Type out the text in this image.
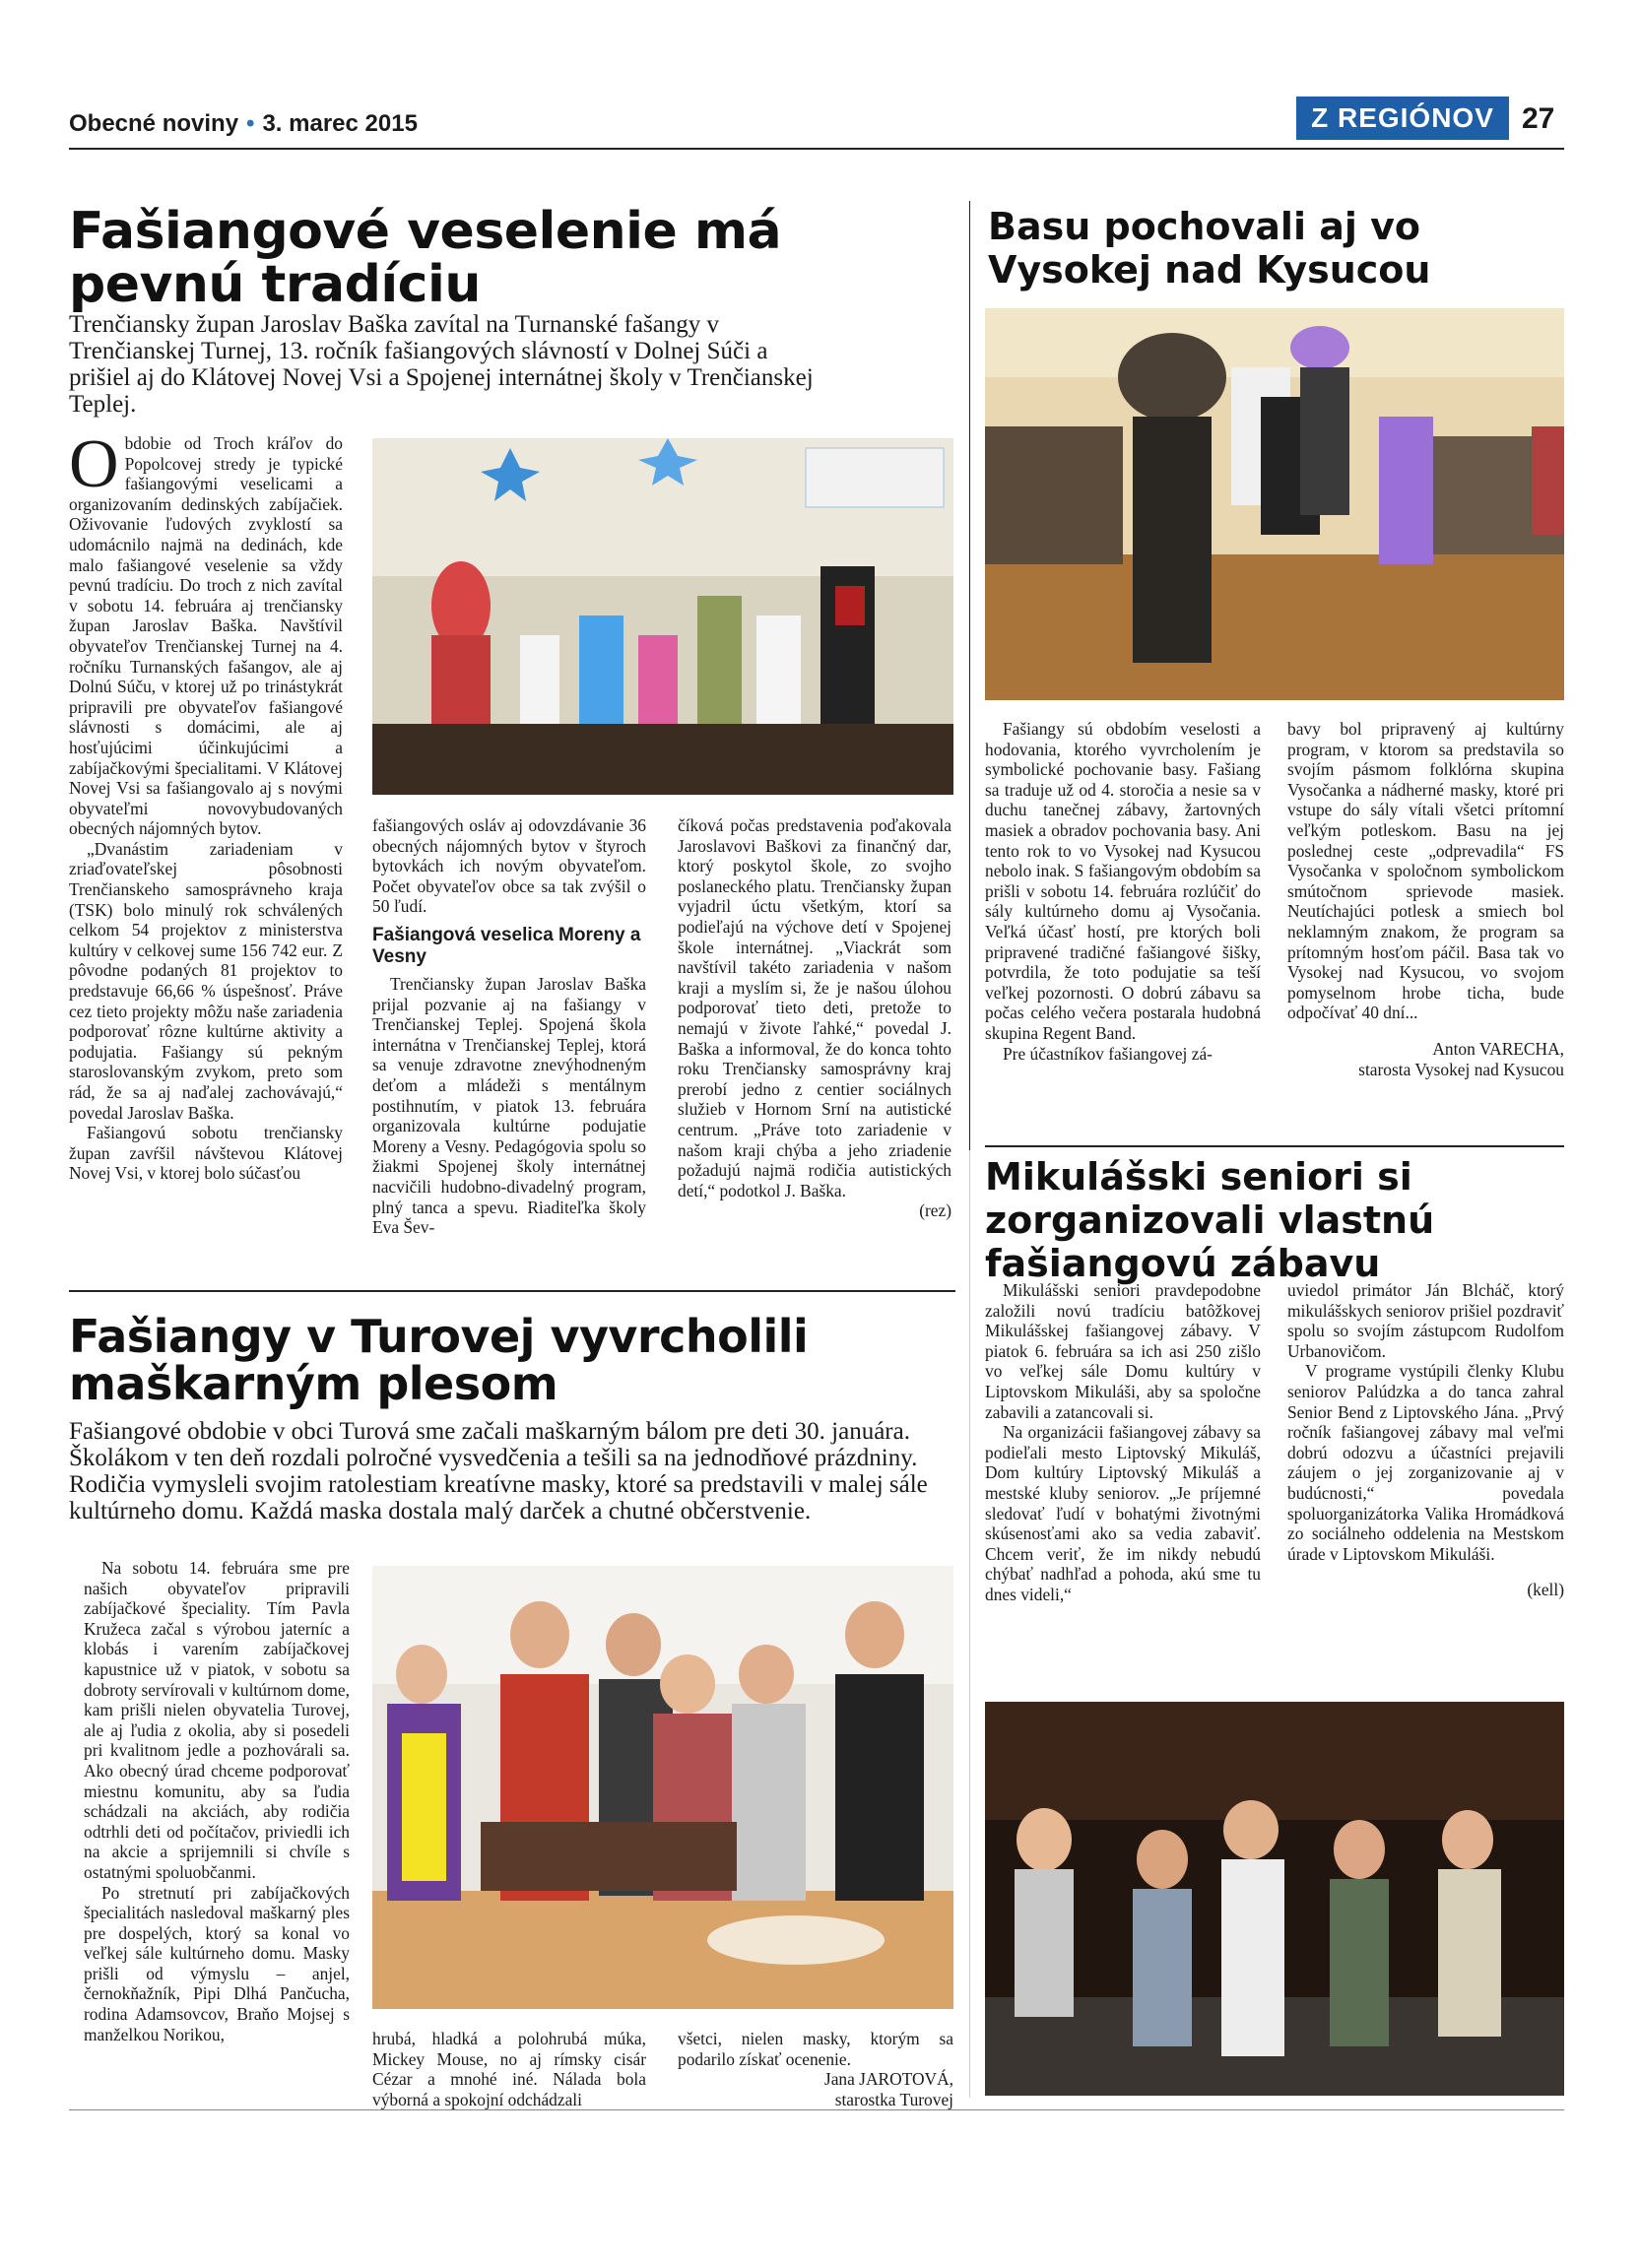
Obecné noviny • 3. marec 2015	Z REGIÓNOV 27
Fašiangové veselenie má pevnú tradíciu
Trenčiansky župan Jaroslav Baška zavítal na Turnanské fašangy v Trenčianskej Turnej, 13. ročník fašiangových slávností v Dolnej Súči a prišiel aj do Klátovej Novej Vsi a Spojenej internátnej školy v Trenčianskej Teplej.

Obdobie od Troch kráľov do Popolcovej stredy je typické fašiangovými veselicami a organizovaním dedinských zabíjačiek. Oživovanie ľudových zvyklostí sa udomácnilo najmä na dedinách, kde malo fašiangové veselenie sa vždy pevnú tradíciu. Do troch z nich zavítal v sobotu 14. februára aj trenčiansky župan Jaroslav Baška. Navštívil obyvateľov Trenčianskej Turnej na 4. ročníku Turnanských fašangov, ale aj Dolnú Súču, v ktorej už po trinástykrát pripravili pre obyvateľov fašiangové slávnosti s domácimi, ale aj hosťujúcimi účinkujúcimi a zabíjačkovými špecialitami. V Klátovej Novej Vsi sa fašiangovalo aj s novými obyvateľmi novovybudovaných obecných nájomných bytov.

„Dvanástim zariadeniam v zriaďovateľskej pôsobnosti Trenčianskeho samosprávneho kraja (TSK) bolo minulý rok schválených celkom 54 projektov z ministerstva kultúry v celkovej sume 156 742 eur. Z pôvodne podaných 81 projektov to predstavuje 66,66 % úspešnosť. Práve cez tieto projekty môžu naše zariadenia podporovať rôzne kultúrne aktivity a podujatia. Fašiangy sú pekným staroslovanským zvykom, preto som rád, že sa aj naďalej zachovávajú,“ povedal Jaroslav Baška.

Fašiangovú sobotu trenčiansky župan zavŕšil návštevou Klátovej Novej Vsi, v ktorej bolo súčasťou

fašiangových osláv aj odovzdávanie 36 obecných nájomných bytov v štyroch bytovkách ich novým obyvateľom. Počet obyvateľov obce sa tak zvýšil o 50 ľudí.

Fašiangová veselica Moreny a Vesny

Trenčiansky župan Jaroslav Baška prijal pozvanie aj na fašiangy v Trenčianskej Teplej. Spojená škola internátna v Trenčianskej Teplej, ktorá sa venuje zdravotne znevýhodneným deťom a mládeži s mentálnym postihnutím, v piatok 13. februára organizovala kultúrne podujatie Moreny a Vesny. Pedagógovia spolu so žiakmi Spojenej školy internátnej nacvičili hudobno-divadelný program, plný tanca a spevu. Riaditeľka školy Eva Šev-

číková počas predstavenia poďakovala Jaroslavovi Baškovi za finančný dar, ktorý poskytol škole, zo svojho poslaneckého platu. Trenčiansky župan vyjadril úctu všetkým, ktorí sa podieľajú na výchove detí v Spojenej škole internátnej. „Viackrát som navštívil takéto zariadenia v našom kraji a myslím si, že je našou úlohou podporovať tieto deti, pretože to nemajú v živote ľahké,“ povedal J. Baška a informoval, že do konca tohto roku Trenčiansky samosprávny kraj prerobí jedno z centier sociálnych služieb v Hornom Srní na autistické centrum. „Práve toto zariadenie v našom kraji chýba a jeho zriadenie požadujú najmä rodičia autistických detí,“ podotkol J. Baška.

(rez)

Basu pochovali aj vo Vysokej nad Kysucou

Fašiangy sú obdobím veselosti a hodovania, ktorého vyvrcholením je symbolické pochovanie basy. Fašiang sa traduje už od 4. storočia a nesie sa v duchu tanečnej zábavy, žartovných masiek a obradov pochovania basy. Ani tento rok to vo Vysokej nad Kysucou nebolo inak. S fašiangovým obdobím sa prišli v sobotu 14. februára rozlúčiť do sály kultúrneho domu aj Vysočania. Veľká účasť hostí, pre ktorých boli pripravené tradičné fašiangové šišky, potvrdila, že toto podujatie sa teší veľkej pozornosti. O dobrú zábavu sa počas celého večera postarala hudobná skupina Regent Band.

Pre účastníkov fašiangovej zá-

bavy bol pripravený aj kultúrny program, v ktorom sa predstavila so svojím pásmom folklórna skupina Vysočanka a nádherné masky, ktoré pri vstupe do sály vítali všetci prítomní veľkým potleskom. Basu na jej poslednej ceste „odprevadila“ FS Vysočanka v spoločnom symbolickom smútočnom sprievode masiek. Neutíchajúci potlesk a smiech bol neklamným znakom, že program sa prítomným hosťom páčil. Basa tak vo Vysokej nad Kysucou, vo svojom pomyselnom hrobe ticha, bude odpočívať 40 dní...

Anton VARECHA,

starosta Vysokej nad Kysucou

Mikulášski seniori si zorganizovali vlastnú fašiangovú zábavu

Mikulášski seniori pravdepodobne založili novú tradíciu batôžkovej Mikulášskej fašiangovej zábavy. V piatok 6. februára sa ich asi 250 zišlo vo veľkej sále Domu kultúry v Liptovskom Mikuláši, aby sa spoločne zabavili a zatancovali si.

Na organizácii fašiangovej zábavy sa podieľali mesto Liptovský Mikuláš, Dom kultúry Liptovský Mikuláš a mestské kluby seniorov. „Je príjemné sledovať ľudí v bohatými životnými skúsenosťami ako sa vedia zabaviť. Chcem veriť, že im nikdy nebudú chýbať nadhľad a pohoda, akú sme tu dnes videli,“

uviedol primátor Ján Blcháč, ktorý mikulášskych seniorov prišiel pozdraviť spolu so svojím zástupcom Rudolfom Urbanovičom.

V programe vystúpili členky Klubu seniorov Palúdzka a do tanca zahral Senior Bend z Liptovského Jána. „Prvý ročník fašiangovej zábavy mal veľmi dobrú odozvu a účastníci prejavili záujem o jej zorganizovanie aj v budúcnosti,“ povedala spoluorganizátorka Valika Hromádková zo sociálneho oddelenia na Mestskom úrade v Liptovskom Mikuláši.

(kell)

Fašiangy v Turovej vyvrcholili maškarným plesom
Fašiangové obdobie v obci Turová sme začali maškarným bálom pre deti 30. januára. Školákom v ten deň rozdali polročné vysvedčenia a tešili sa na jednodňové prázdniny. Rodičia vymysleli svojim ratolestiam kreatívne masky, ktoré sa predstavili v malej sále kultúrneho domu. Každá maska dostala malý darček a chutné občerstvenie.

Na sobotu 14. februára sme pre našich obyvateľov pripravili zabíjačkové špeciality. Tím Pavla Kružeca začal s výrobou jaterníc a klobás i varením zabíjačkovej kapustnice už v piatok, v sobotu sa dobroty servírovali v kultúrnom dome, kam prišli nielen obyvatelia Turovej, ale aj ľudia z okolia, aby si posedeli pri kvalitnom jedle a pozhovárali sa. Ako obecný úrad chceme podporovať miestnu komunitu, aby sa ľudia schádzali na akciách, aby rodičia odtrhli deti od počítačov, priviedli ich na akcie a sprijemnili si chvíle s ostatnými spoluobčanmi.

Po stretnutí pri zabíjačkových špecialitách nasledoval maškarný ples pre dospelých, ktorý sa konal vo veľkej sále kultúrneho domu. Masky prišli od výmyslu – anjel, černokňažník, Pipi Dlhá Pančucha, rodina Adamsovcov, Braňo Mojsej s manželkou Norikou,	hrubá, hladká a polohrubá múka, Mickey Mouse, no aj rímsky cisár Cézar a mnohé iné. Nálada bola výborná a spokojní odchádzali

všetci, nielen masky, ktorým sa podarilo získať ocenenie.

Jana JAROTOVÁ,

starostka Turovej
